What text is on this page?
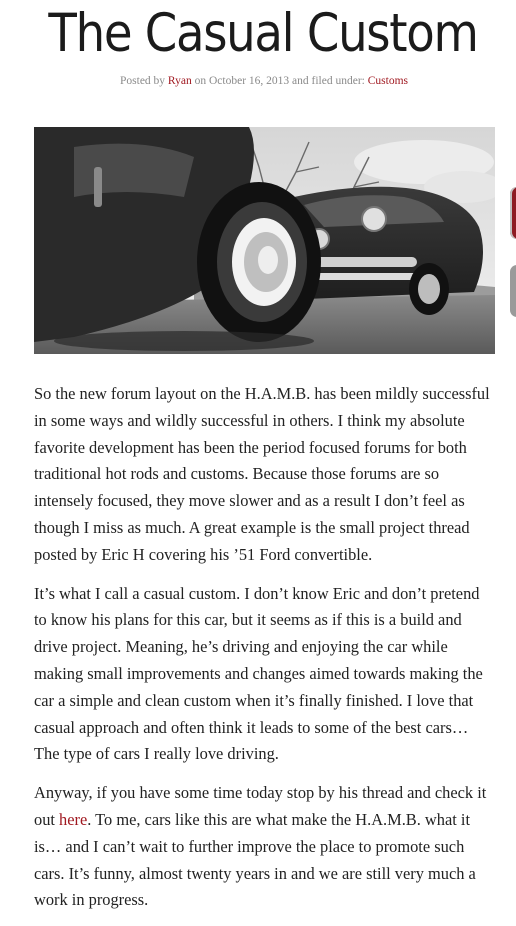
The Casual Custom
Posted by Ryan on October 16, 2013 and filed under: Customs

So the new forum layout on the H.A.M.B. has been mildly successful in some ways and wildly successful in others. I think my absolute favorite development has been the period focused forums for both traditional hot rods and customs. Because those forums are so intensely focused, they move slower and as a result I don’t feel as though I miss as much. A great example is the small project thread posted by Eric H covering his ’51 Ford convertible.

It’s what I call a casual custom. I don’t know Eric and don’t pretend to know his plans for this car, but it seems as if this is a build and drive project. Meaning, he’s driving and enjoying the car while making small improvements and changes aimed towards making the car a simple and clean custom when it’s finally finished. I love that casual approach and often think it leads to some of the best cars… The type of cars I really love driving.

Anyway, if you have some time today stop by his thread and check it out here. To me, cars like this are what make the H.A.M.B. what it is… and I can’t wait to further improve the place to promote such cars. It’s funny, almost twenty years in and we are still very much a work in progress.
